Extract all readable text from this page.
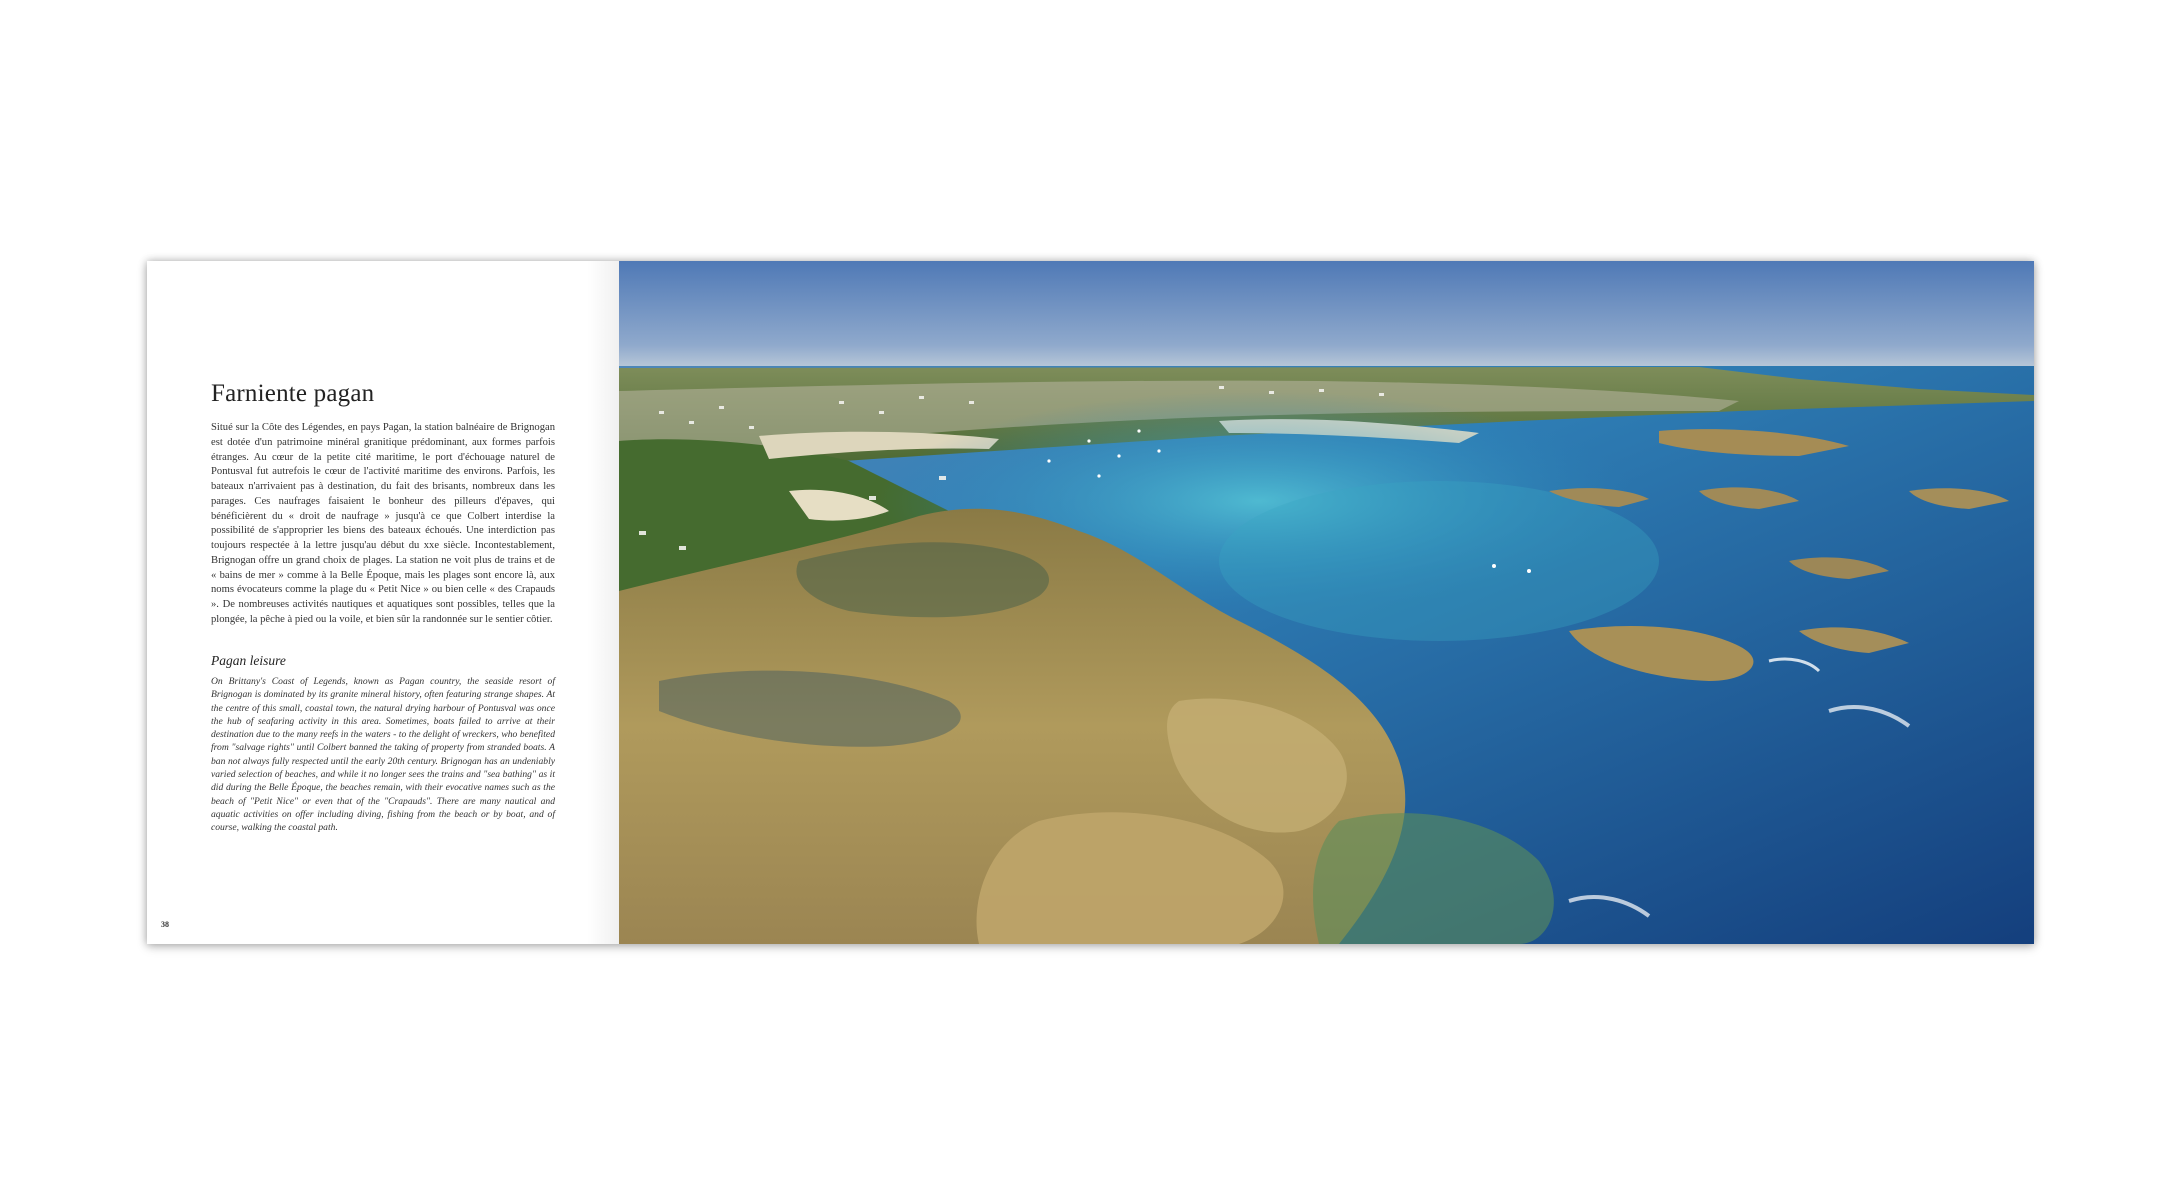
Farniente pagan

Situé sur la Côte des Légendes, en pays Pagan, la station balnéaire de Brignogan est dotée d'un patrimoine minéral granitique prédominant, aux formes parfois étranges. Au cœur de la petite cité maritime, le port d'échouage naturel de Pontusval fut autrefois le cœur de l'activité maritime des environs. Parfois, les bateaux n'arrivaient pas à destination, du fait des brisants, nombreux dans les parages. Ces naufrages faisaient le bonheur des pilleurs d'épaves, qui bénéficièrent du « droit de naufrage » jusqu'à ce que Colbert interdise la possibilité de s'approprier les biens des bateaux échoués. Une interdiction pas toujours respectée à la lettre jusqu'au début du xxe siècle. Incontestablement, Brignogan offre un grand choix de plages. La station ne voit plus de trains et de « bains de mer » comme à la Belle Époque, mais les plages sont encore là, aux noms évocateurs comme la plage du « Petit Nice » ou bien celle « des Crapauds ». De nombreuses activités nautiques et aquatiques sont possibles, telles que la plongée, la pêche à pied ou la voile, et bien sûr la randonnée sur le sentier côtier.

Pagan leisure

On Brittany's Coast of Legends, known as Pagan country, the seaside resort of Brignogan is dominated by its granite mineral history, often featuring strange shapes. At the centre of this small, coastal town, the natural drying harbour of Pontusval was once the hub of seafaring activity in this area. Sometimes, boats failed to arrive at their destination due to the many reefs in the waters - to the delight of wreckers, who benefited from "salvage rights" until Colbert banned the taking of property from stranded boats. A ban not always fully respected until the early 20th century. Brignogan has an undeniably varied selection of beaches, and while it no longer sees the trains and "sea bathing" as it did during the Belle Époque, the beaches remain, with their evocative names such as the beach of "Petit Nice" or even that of the "Crapauds". There are many nautical and aquatic activities on offer including diving, fishing from the beach or by boat, and of course, walking the coastal path.

38
